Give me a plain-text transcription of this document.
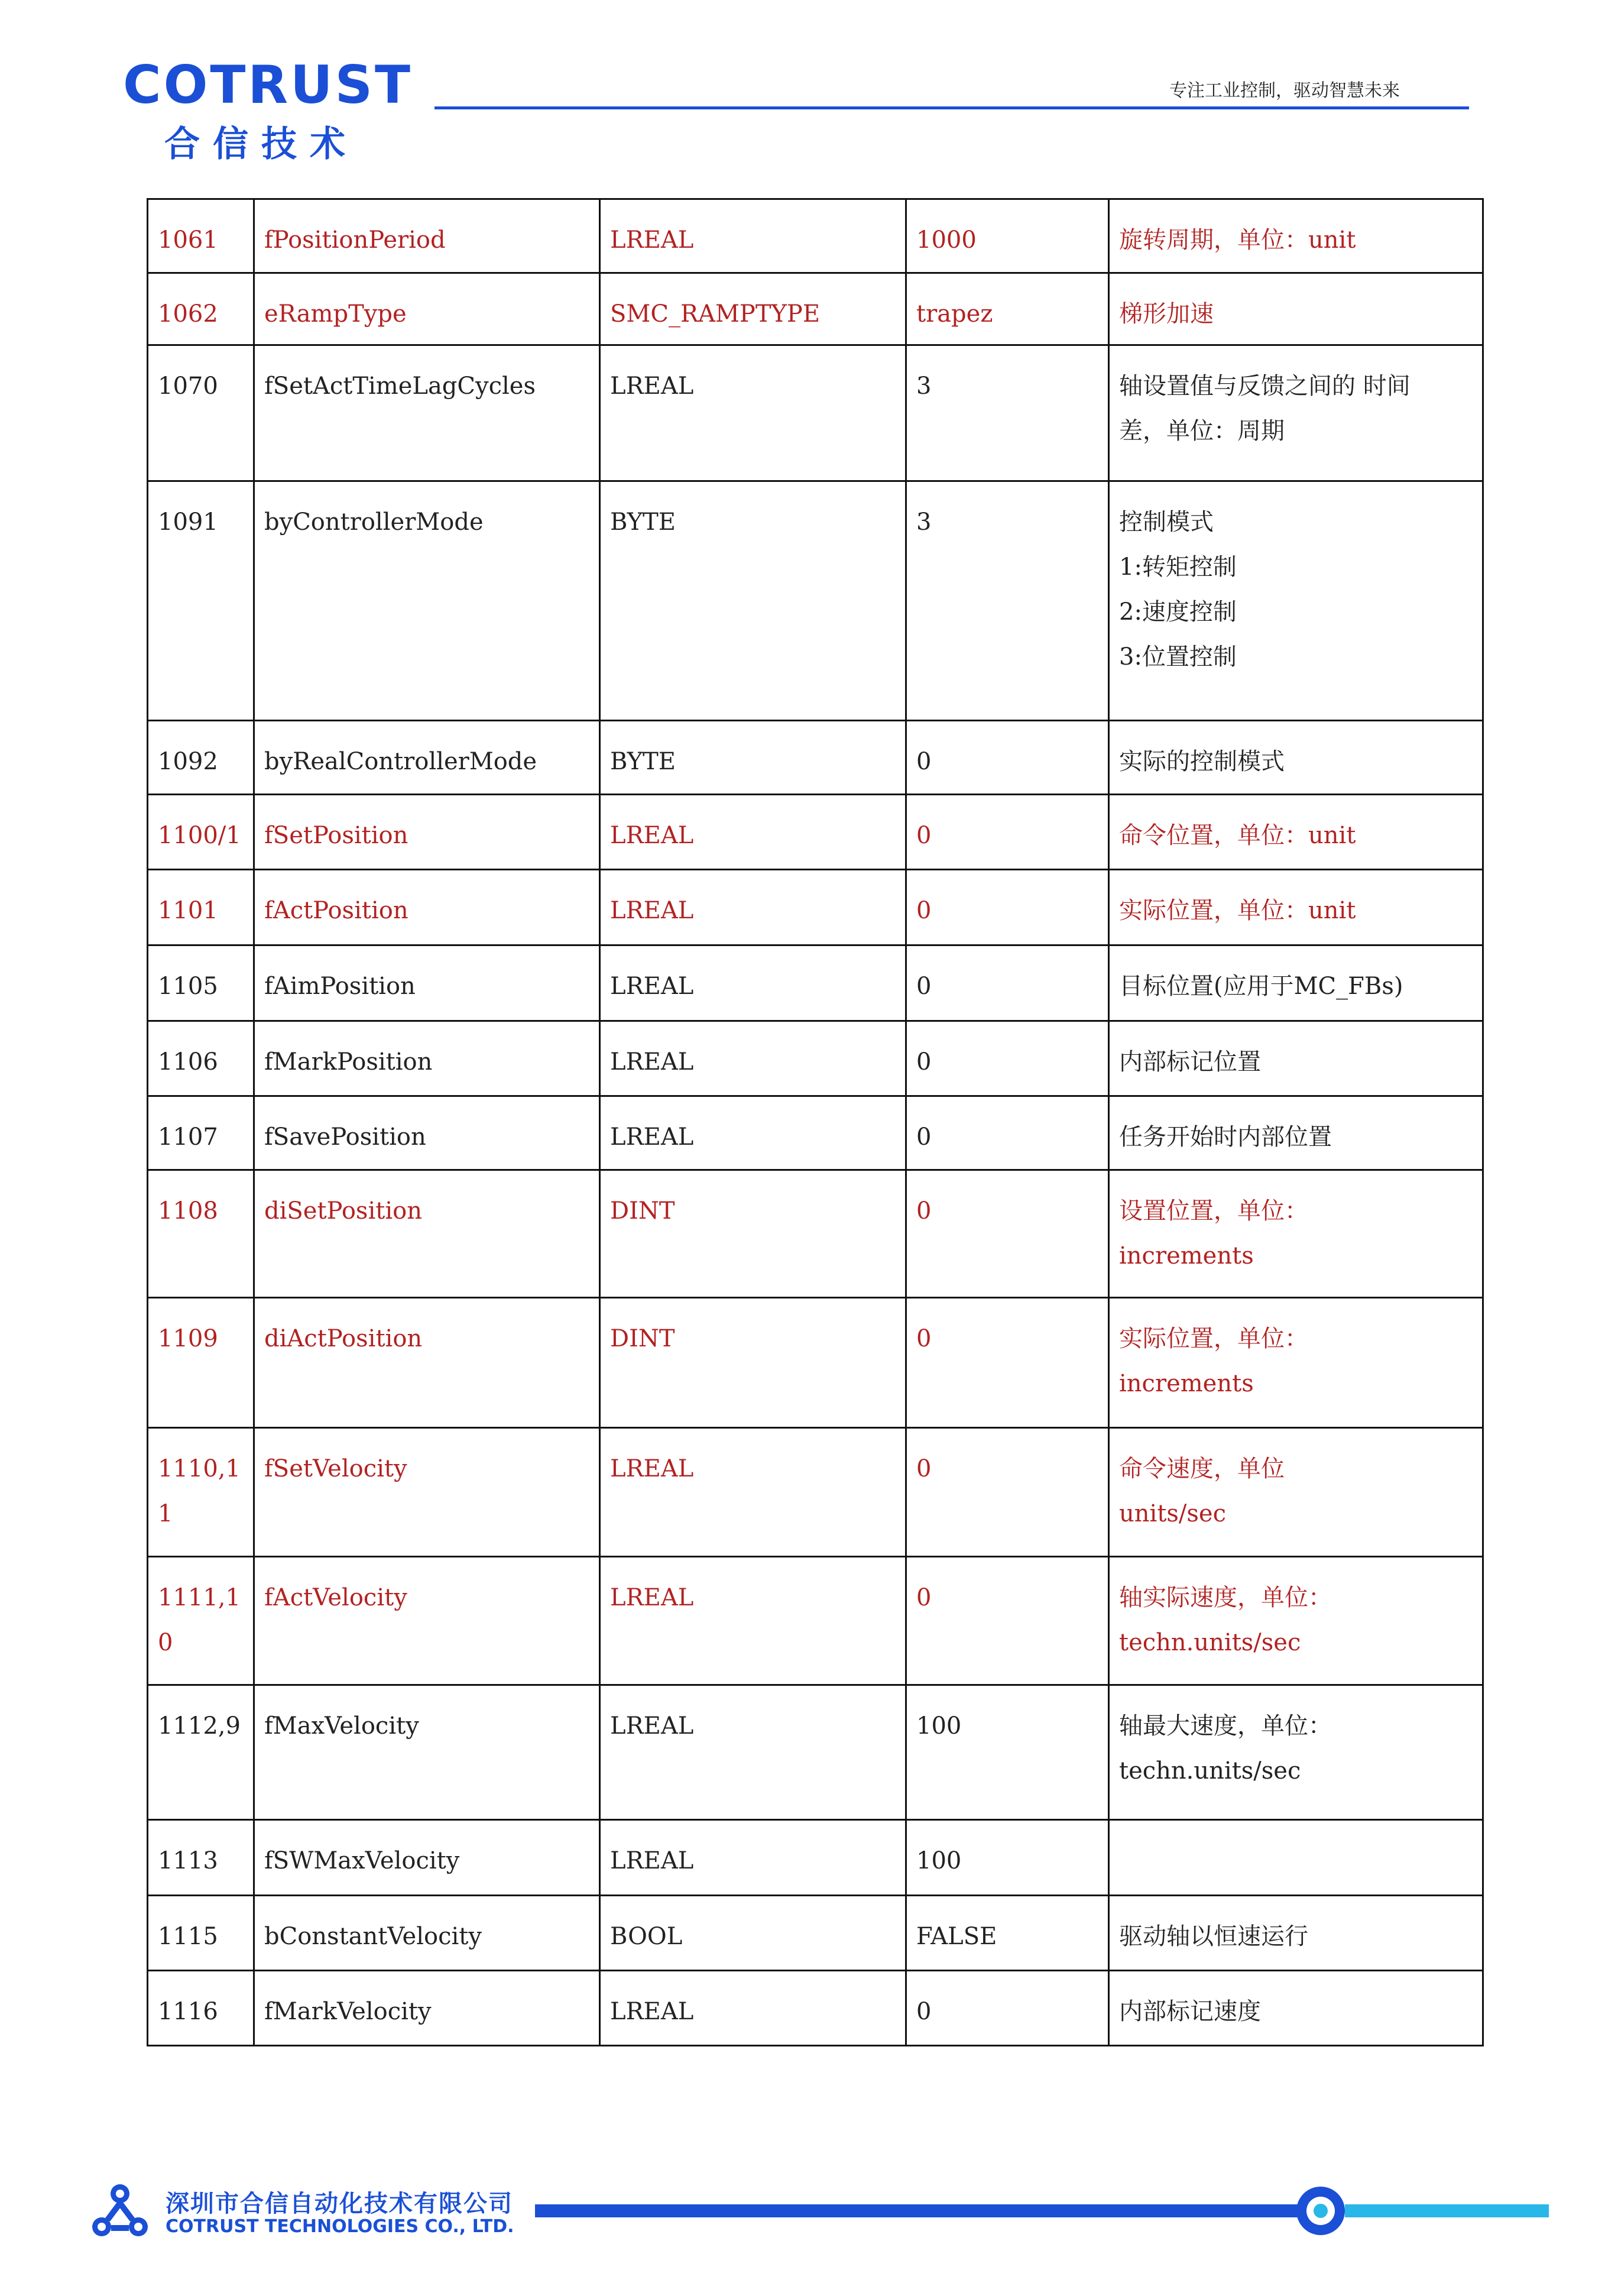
COTRUST
合信技术
专注工业控制，驱动智慧未来
1061	fPositionPeriod	LREAL	1000	旋转周期，单位：unit

1062	eRampType	SMC_RAMPTYPE	trapez	梯形加速

1070	fSetActTimeLagCycles	LREAL	3	轴设置值与反馈之间的 时间
差，单位：周期

1091	byControllerMode	BYTE	3	控制模式
1:转矩控制
2:速度控制
3:位置控制

1092	byRealControllerMode	BYTE	0	实际的控制模式

1100/1	fSetPosition	LREAL	0	命令位置，单位：unit

1101	fActPosition	LREAL	0	实际位置，单位：unit

1105	fAimPosition	LREAL	0	目标位置(应用于MC_FBs)

1106	fMarkPosition	LREAL	0	内部标记位置

1107	fSavePosition	LREAL	0	任务开始时内部位置

1108	diSetPosition	DINT	0	设置位置，单位：
increments

1109	diActPosition	DINT	0	实际位置，单位：
increments

1110,1 1	fSetVelocity	LREAL	0	命令速度，单位
units/sec

1111,1 0	fActVelocity	LREAL	0	轴实际速度，单位：
techn.units/sec

1112,9	fMaxVelocity	LREAL	100	轴最大速度，单位：
techn.units/sec

1113	fSWMaxVelocity	LREAL	100	
1115	bConstantVelocity	BOOL	FALSE	驱动轴以恒速运行

1116	fMarkVelocity	LREAL	0	内部标记速度
深圳市合信自动化技术有限公司
COTRUST TECHNOLOGIES CO., LTD.
